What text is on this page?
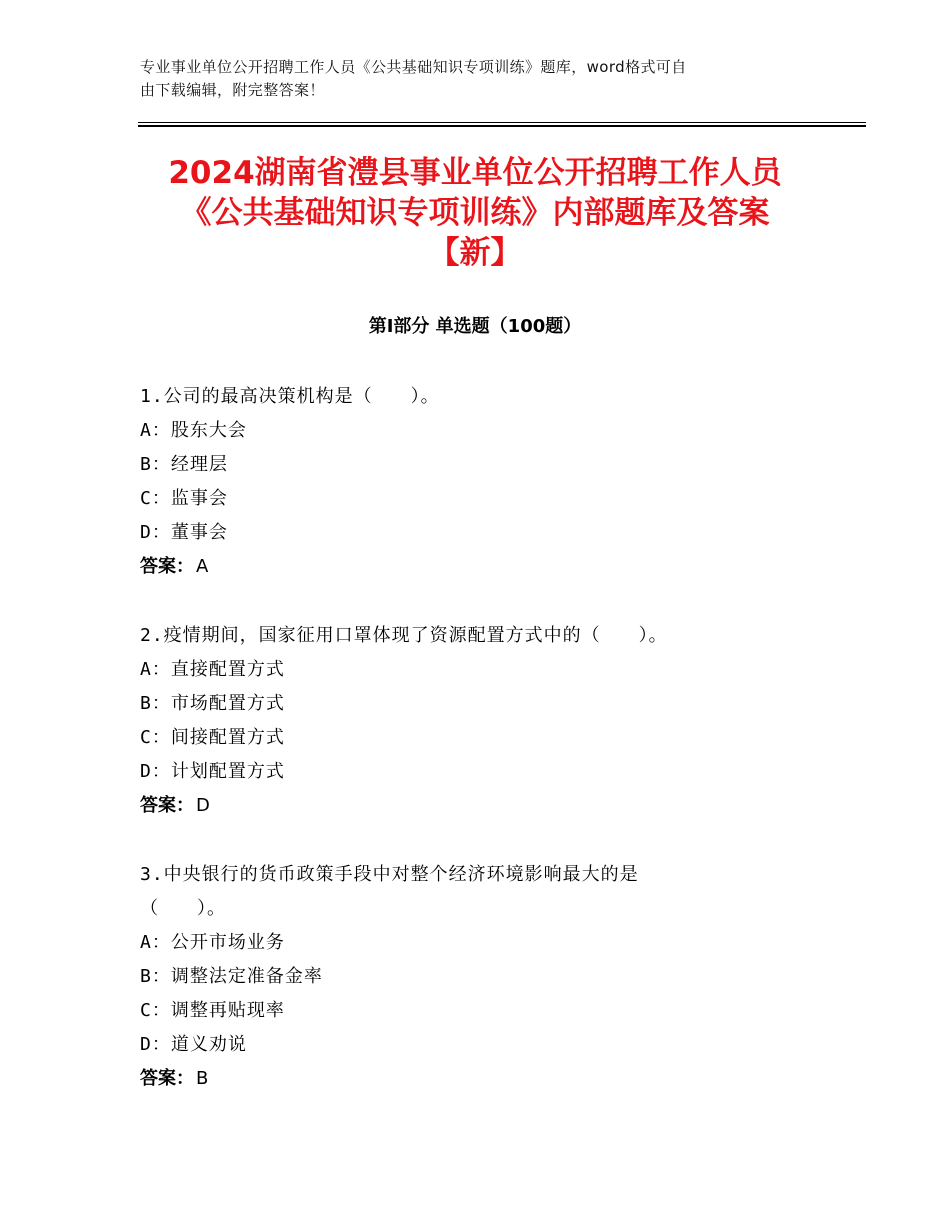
专业事业单位公开招聘工作人员《公共基础知识专项训练》题库，word格式可自
由下载编辑，附完整答案！
2024湖南省澧县事业单位公开招聘工作人员
《公共基础知识专项训练》内部题库及答案
【新】
第Ⅰ部分 单选题（100题）
1.公司的最高决策机构是（　　）。
A：股东大会
B：经理层
C：监事会
D：董事会
答案： A
2.疫情期间，国家征用口罩体现了资源配置方式中的（　　）。
A：直接配置方式
B：市场配置方式
C：间接配置方式
D：计划配置方式
答案： D
3.中央银行的货币政策手段中对整个经济环境影响最大的是
（　　）。
A：公开市场业务
B：调整法定准备金率
C：调整再贴现率
D：道义劝说
答案： B
